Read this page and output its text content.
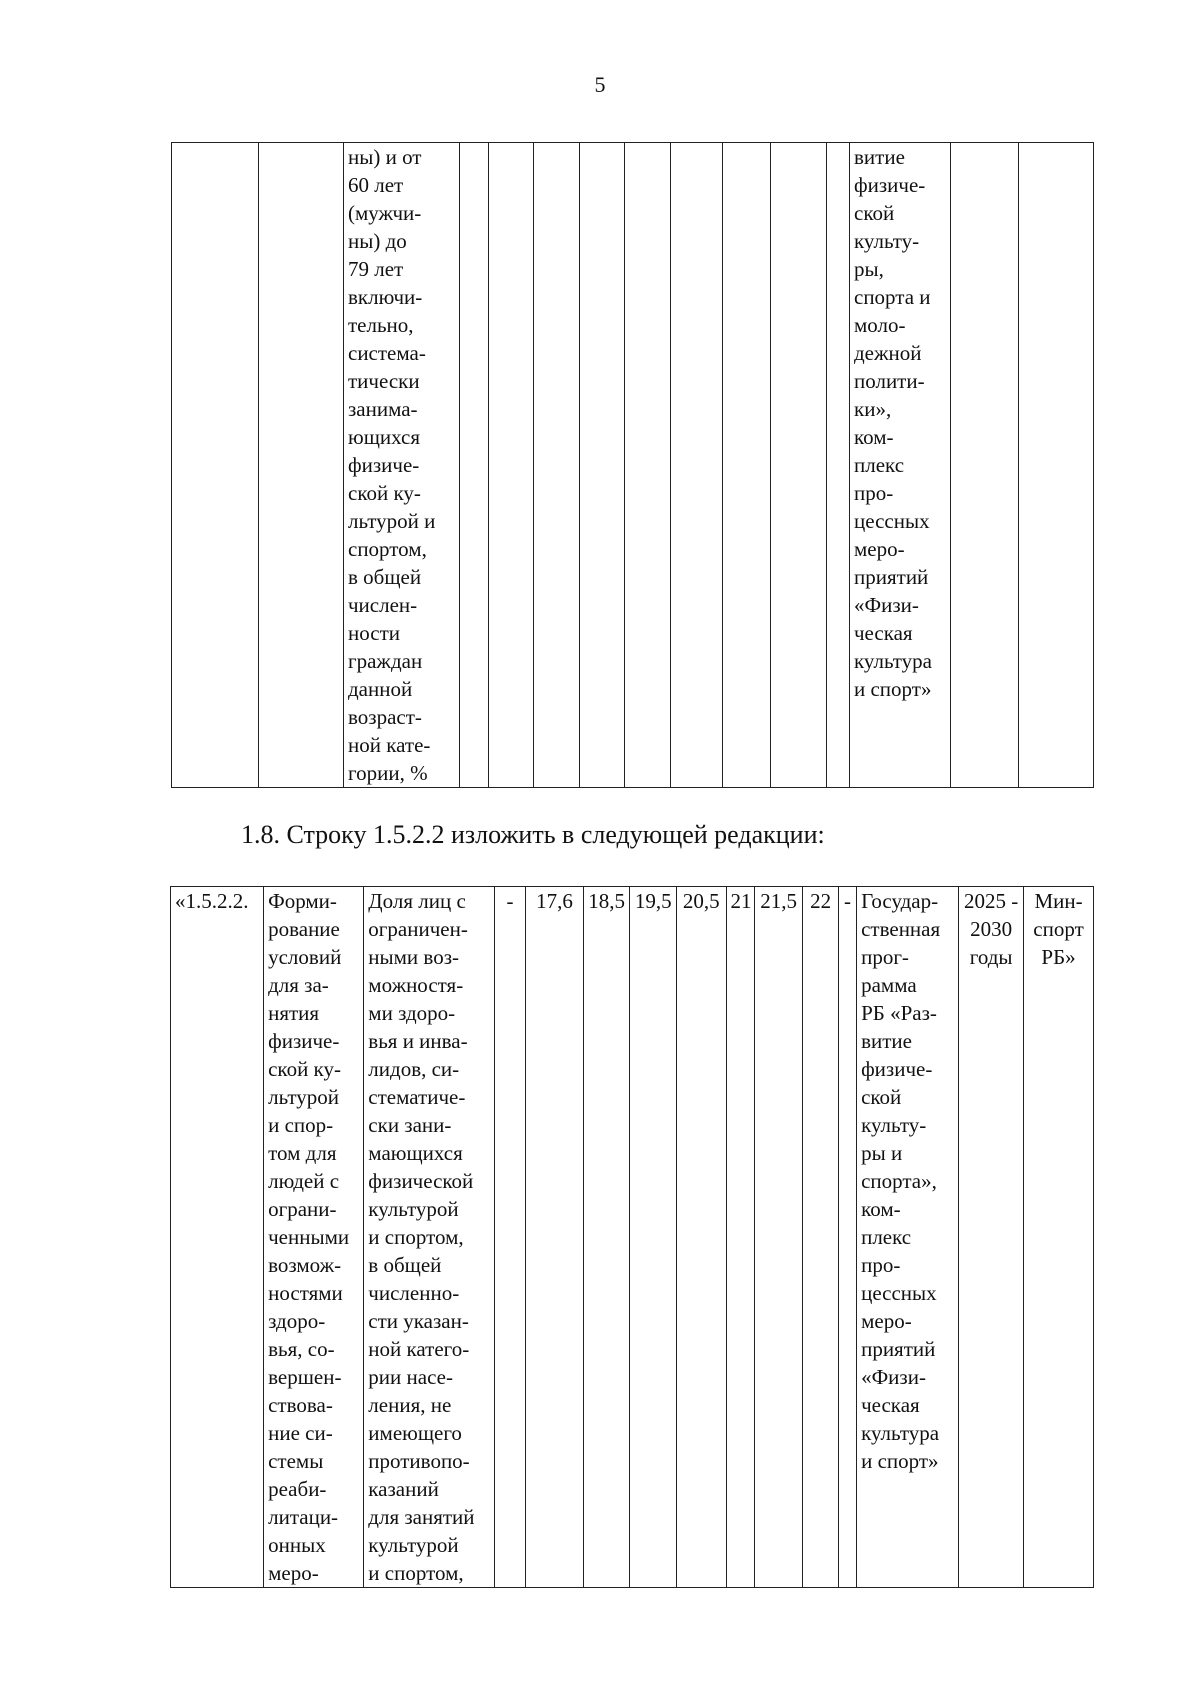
5
		ны) и от
60 лет
(мужчи-
ны) до
79 лет
включи-
тельно,
система-
тически
занима-
ющихся
физиче-
ской ку-
льтурой и
спортом,
в общей
числен-
ности
граждан
данной
возраст-
ной кате-
гории, %										витие
физиче-
ской
культу-
ры,
спорта и
моло-
дежной
полити-
ки»,
ком-
плекс
про-
цессных
меро-
приятий
«Физи-
ческая
культура
и спорт»		
1.8. Строку 1.5.2.2 изложить в следующей редакции:
«1.5.2.2.	Форми-
рование
условий
для за-
нятия
физиче-
ской ку-
льтурой
и спор-
том для
людей с
ограни-
ченными
возмож-
ностями
здоро-
вья, со-
вершен-
ствова-
ние си-
стемы
реаби-
литаци-
онных
меро-	Доля лиц с
ограничен-
ными воз-
можностя-
ми здоро-
вья и инва-
лидов, си-
стематиче-
ски зани-
мающихся
физической
культурой
и спортом,
в общей
численно-
сти указан-
ной катего-
рии насе-
ления, не
имеющего
противопо-
казаний
для занятий
культурой
и спортом,	-	17,6	18,5	19,5	20,5	21	21,5	22	-	Государ-
ственная
прог-
рамма
РБ «Раз-
витие
физиче-
ской
культу-
ры и
спорта»,
ком-
плекс
про-
цессных
меро-
приятий
«Физи-
ческая
культура
и спорт»	2025 -
2030
годы	Мин-
спорт
РБ»
